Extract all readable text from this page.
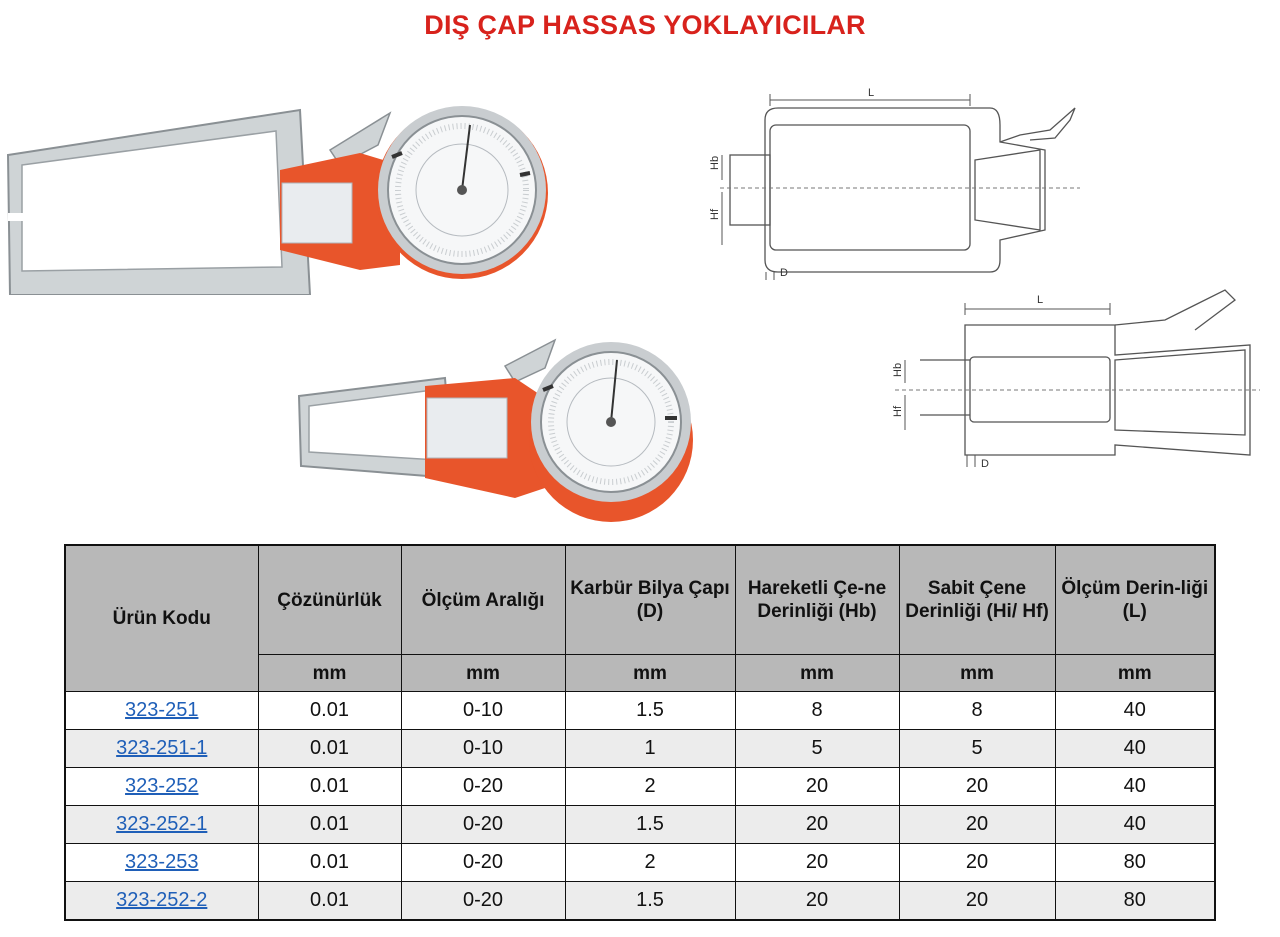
DIŞ ÇAP HASSAS YOKLAYICILAR
L
Hb
Hf
D
L
Hb
Hf
D
Ürün Kodu	Çözünürlük	Ölçüm Aralığı	Karbür Bilya Çapı (D)	Hareketli Çe-ne Derinliği (Hb)	Sabit Çene Derinliği (Hi/ Hf)	Ölçüm Derin-liği (L)
	mm	mm	mm	mm	mm	mm
323-251	0.01	0-10	1.5	8	8	40
323-251-1	0.01	0-10	1	5	5	40
323-252	0.01	0-20	2	20	20	40
323-252-1	0.01	0-20	1.5	20	20	40
323-253	0.01	0-20	2	20	20	80
323-252-2	0.01	0-20	1.5	20	20	80
